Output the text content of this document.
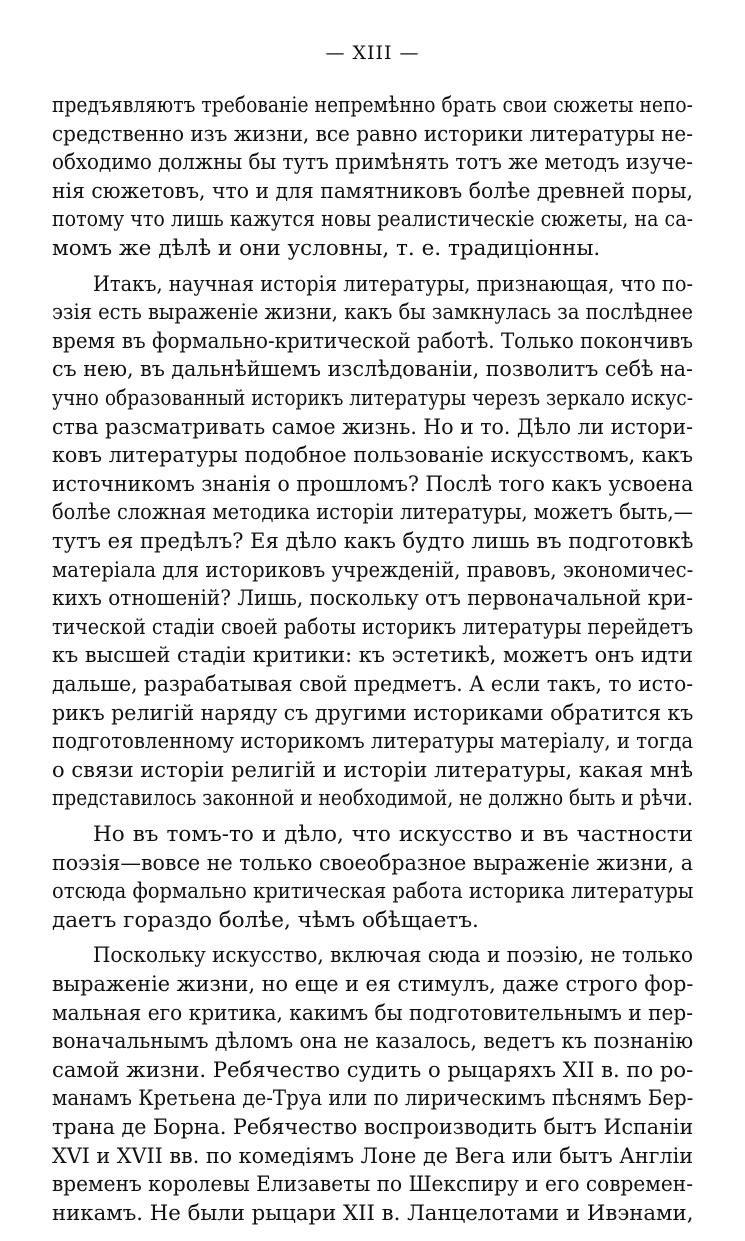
— XIII —
предъявляютъ требованіе непремѣнно брать свои сюжеты непо-
средственно изъ жизни, все равно историки литературы не-
обходимо должны бы тутъ примѣнять тотъ же методъ изуче-
нія сюжетовъ, что и для памятниковъ болѣе древней поры,
потому что лишь кажутся новы реалистическіе сюжеты, на са-
момъ же дѣлѣ и они условны, т. е. традиціонны.
Итакъ, научная исторія литературы, признающая, что по-
эзія есть выраженіе жизни, какъ бы замкнулась за послѣднее
время въ формально-критической работѣ. Только покончивъ
съ нею, въ дальнѣйшемъ изслѣдованіи, позволитъ себѣ на-
учно образованный историкъ литературы черезъ зеркало искус-
ства разсматривать самое жизнь. Но и то. Дѣло ли истори-
ковъ литературы подобное пользованіе искусствомъ, какъ
источникомъ знанія о прошломъ? Послѣ того какъ усвоена
болѣе сложная методика исторіи литературы, можетъ быть,—
тутъ ея предѣлъ? Ея дѣло какъ будто лишь въ подготовкѣ
матеріала для историковъ учрежденій, правовъ, экономичес-
кихъ отношеній? Лишь, поскольку отъ первоначальной кри-
тической стадіи своей работы историкъ литературы перейдетъ
къ высшей стадіи критики: къ эстетикѣ, можетъ онъ идти
дальше, разрабатывая свой предметъ. А если такъ, то исто-
рикъ религій наряду съ другими историками обратится къ
подготовленному историкомъ литературы матеріалу, и тогда
о связи исторіи религій и исторіи литературы, какая мнѣ
представилось законной и необходимой, не должно быть и рѣчи.
Но въ томъ-то и дѣло, что искусство и въ частности
поэзія—вовсе не только своеобразное выраженіе жизни, а
отсюда формально критическая работа историка литературы
даетъ гораздо болѣе, чѣмъ обѣщаетъ.
Поскольку искусство, включая сюда и поэзію, не только
выраженіе жизни, но еще и ея стимулъ, даже строго фор-
мальная его критика, какимъ бы подготовительнымъ и пер-
воначальнымъ дѣломъ она не казалось, ведетъ къ познанію
самой жизни. Ребячество судить о рыцаряхъ XII в. по ро-
манамъ Кретьена де-Труа или по лирическимъ пѣснямъ Бер-
трана де Борна. Ребячество воспроизводить бытъ Испаніи
XVI и XVII вв. по комедіямъ Лоне де Вега или бытъ Англіи
временъ королевы Елизаветы по Шекспиру и его современ-
никамъ. Не были рыцари XII в. Ланцелотами и Ивэнами,
